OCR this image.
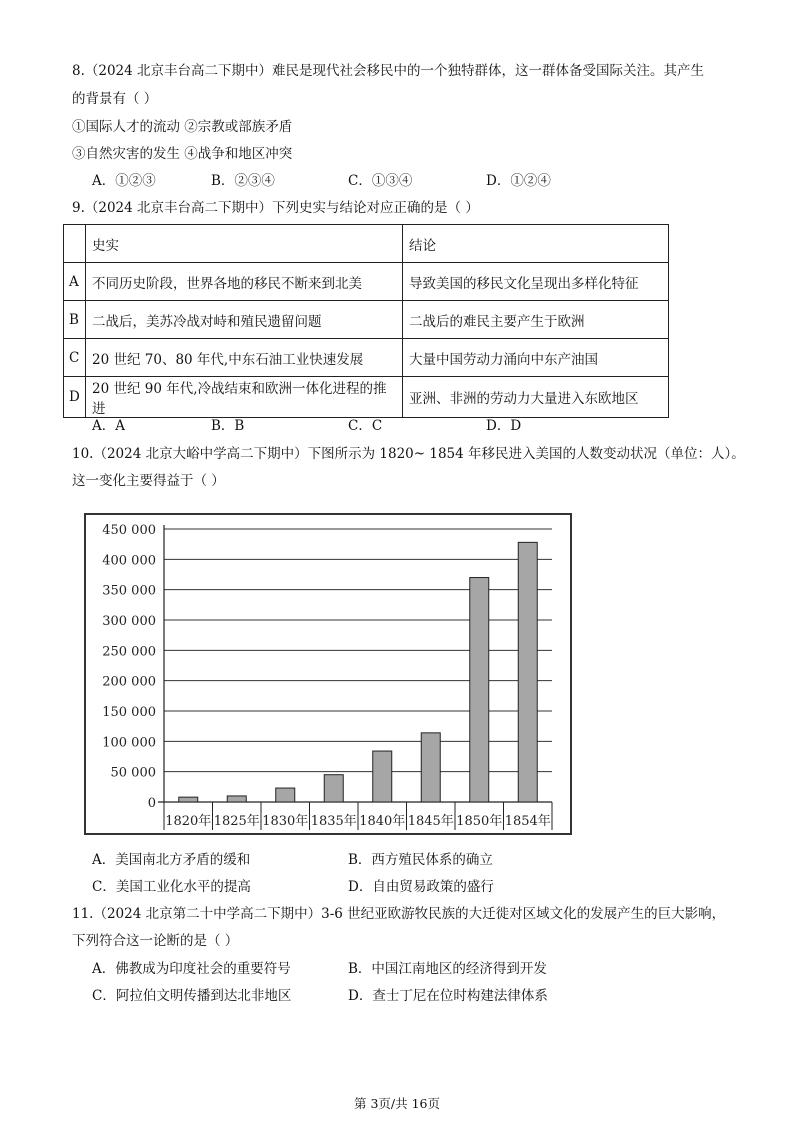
8.（2024 北京丰台高二下期中）难民是现代社会移民中的一个独特群体，这一群体备受国际关注。其产生
的背景有（ ）
①国际人才的流动 ②宗教或部族矛盾
③自然灾害的发生 ④战争和地区冲突
A．①②③	B．②③④	C．①③④	D．①②④
9.（2024 北京丰台高二下期中）下列史实与结论对应正确的是（ ）
	史实	结论
A	不同历史阶段，世界各地的移民不断来到北美	导致美国的移民文化呈现出多样化特征
B	二战后，美苏冷战对峙和殖民遗留问题	二战后的难民主要产生于欧洲
C	20 世纪 70、80 年代,中东石油工业快速发展	大量中国劳动力涌向中东产油国
D	20 世纪 90 年代,冷战结束和欧洲一体化进程的推进	亚洲、非洲的劳动力大量进入东欧地区
A．A	B．B	C．C	D．D
10.（2024 北京大峪中学高二下期中）下图所示为 1820~ 1854 年移民进入美国的人数变动状况（单位：人）。
这一变化主要得益于（ ）
0
50 000
100 000
150 000
200 000
250 000
300 000
350 000
400 000
450 000
1820年 1825年 1830年 1835年 1840年 1845年 1850年 1854年
A．美国南北方矛盾的缓和	B．西方殖民体系的确立
C．美国工业化水平的提高	D．自由贸易政策的盛行
11.（2024 北京第二十中学高二下期中）3-6 世纪亚欧游牧民族的大迁徙对区域文化的发展产生的巨大影响，
下列符合这一论断的是（ ）
A．佛教成为印度社会的重要符号	B．中国江南地区的经济得到开发
C．阿拉伯文明传播到达北非地区	D．查士丁尼在位时构建法律体系
第 3页/共 16页
